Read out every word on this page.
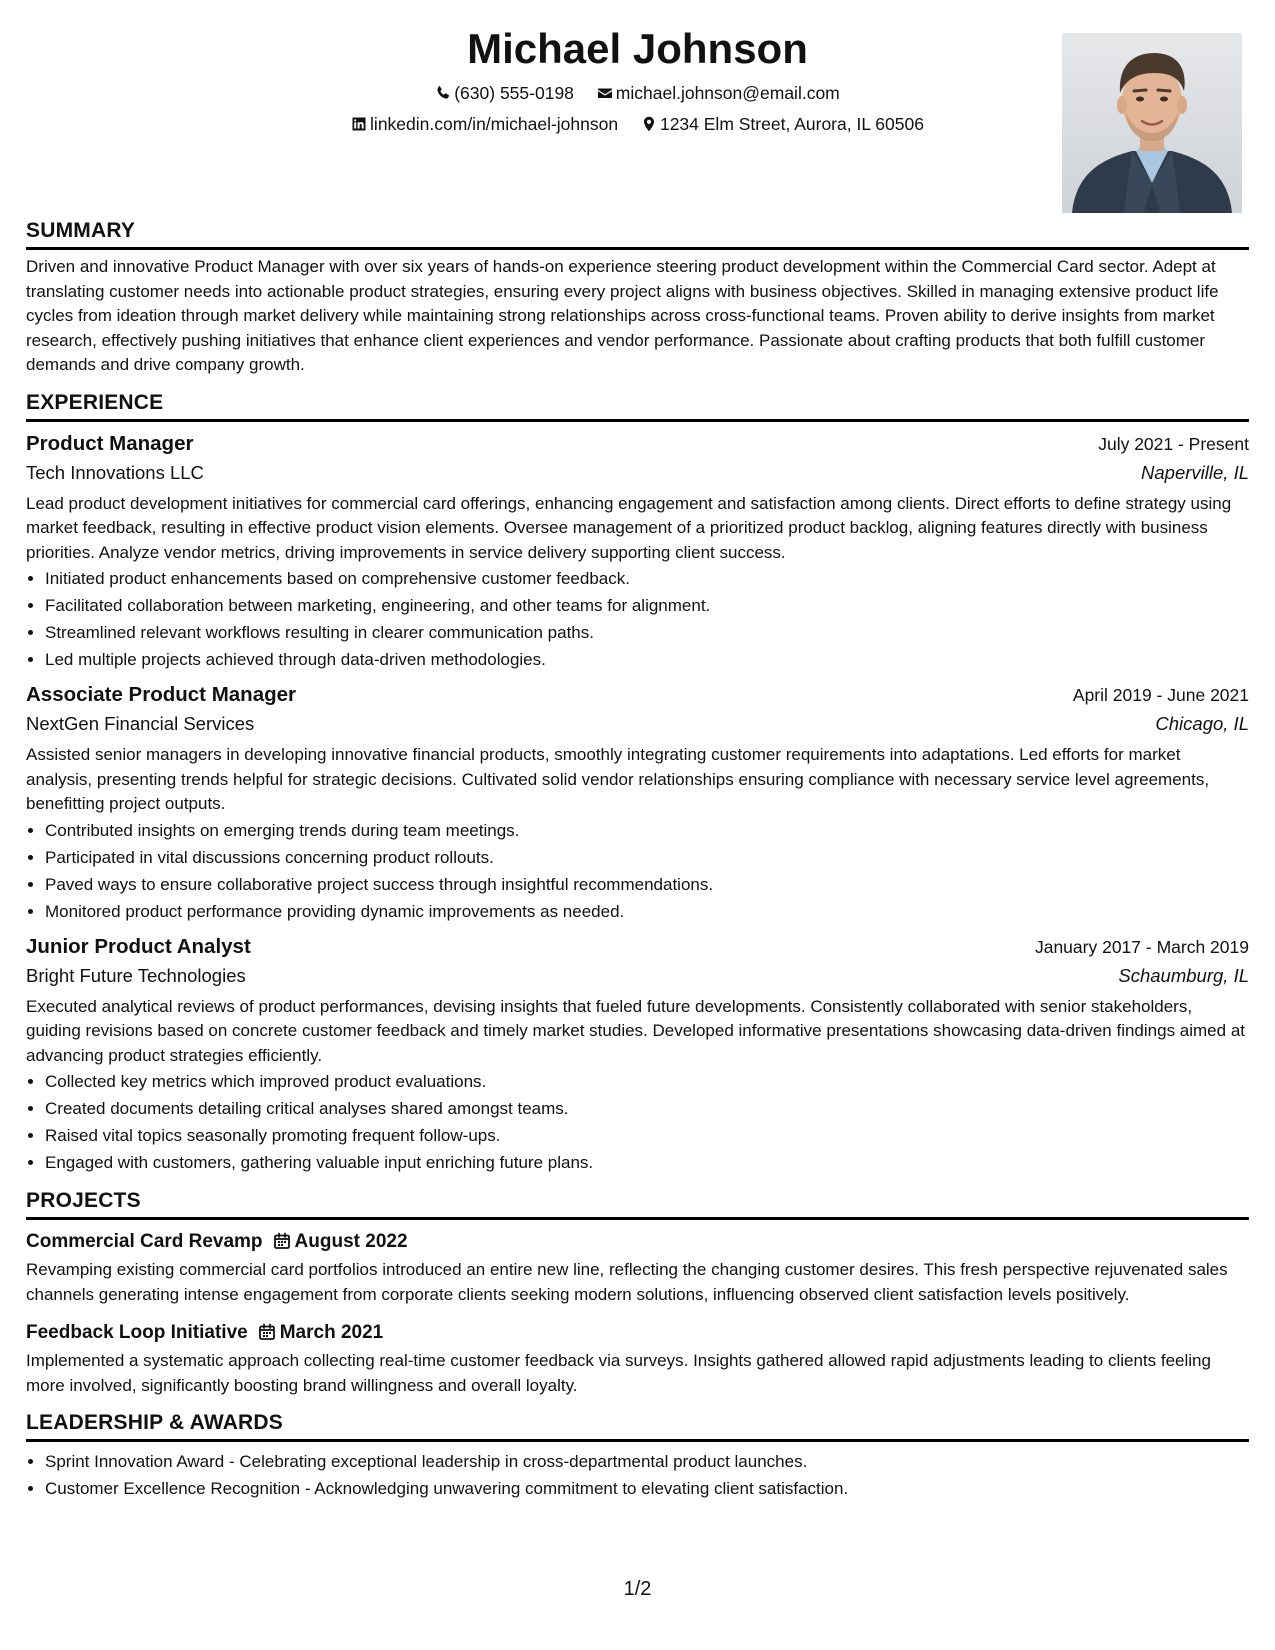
Michael Johnson
(630) 555-0198 michael.johnson@email.com
linkedin.com/in/michael-johnson 1234 Elm Street, Aurora, IL 60506
SUMMARY

Driven and innovative Product Manager with over six years of hands-on experience steering product development within the Commercial Card sector. Adept at translating customer needs into actionable product strategies, ensuring every project aligns with business objectives. Skilled in managing extensive product life cycles from ideation through market delivery while maintaining strong relationships across cross-functional teams. Proven ability to derive insights from market research, effectively pushing initiatives that enhance client experiences and vendor performance. Passionate about crafting products that both fulfill customer demands and drive company growth.

EXPERIENCE
Product Manager	July 2021 - Present
Tech Innovations LLC	Naperville, IL

Lead product development initiatives for commercial card offerings, enhancing engagement and satisfaction among clients. Direct efforts to define strategy using market feedback, resulting in effective product vision elements. Oversee management of a prioritized product backlog, aligning features directly with business priorities. Analyze vendor metrics, driving improvements in service delivery supporting client success.

• Initiated product enhancements based on comprehensive customer feedback.
• Facilitated collaboration between marketing, engineering, and other teams for alignment.
• Streamlined relevant workflows resulting in clearer communication paths.
• Led multiple projects achieved through data-driven methodologies.
Associate Product Manager	April 2019 - June 2021
NextGen Financial Services	Chicago, IL

Assisted senior managers in developing innovative financial products, smoothly integrating customer requirements into adaptations. Led efforts for market analysis, presenting trends helpful for strategic decisions. Cultivated solid vendor relationships ensuring compliance with necessary service level agreements, benefitting project outputs.

• Contributed insights on emerging trends during team meetings.
• Participated in vital discussions concerning product rollouts.
• Paved ways to ensure collaborative project success through insightful recommendations.
• Monitored product performance providing dynamic improvements as needed.
Junior Product Analyst	January 2017 - March 2019
Bright Future Technologies	Schaumburg, IL

Executed analytical reviews of product performances, devising insights that fueled future developments. Consistently collaborated with senior stakeholders, guiding revisions based on concrete customer feedback and timely market studies. Developed informative presentations showcasing data-driven findings aimed at advancing product strategies efficiently.

• Collected key metrics which improved product evaluations.
• Created documents detailing critical analyses shared amongst teams.
• Raised vital topics seasonally promoting frequent follow-ups.
• Engaged with customers, gathering valuable input enriching future plans.
PROJECTS
Commercial Card Revamp August 2022

Revamping existing commercial card portfolios introduced an entire new line, reflecting the changing customer desires. This fresh perspective rejuvenated sales channels generating intense engagement from corporate clients seeking modern solutions, influencing observed client satisfaction levels positively.

Feedback Loop Initiative March 2021

Implemented a systematic approach collecting real-time customer feedback via surveys. Insights gathered allowed rapid adjustments leading to clients feeling more involved, significantly boosting brand willingness and overall loyalty.

LEADERSHIP & AWARDS
• Sprint Innovation Award - Celebrating exceptional leadership in cross-departmental product launches.
• Customer Excellence Recognition - Acknowledging unwavering commitment to elevating client satisfaction.
1/2
